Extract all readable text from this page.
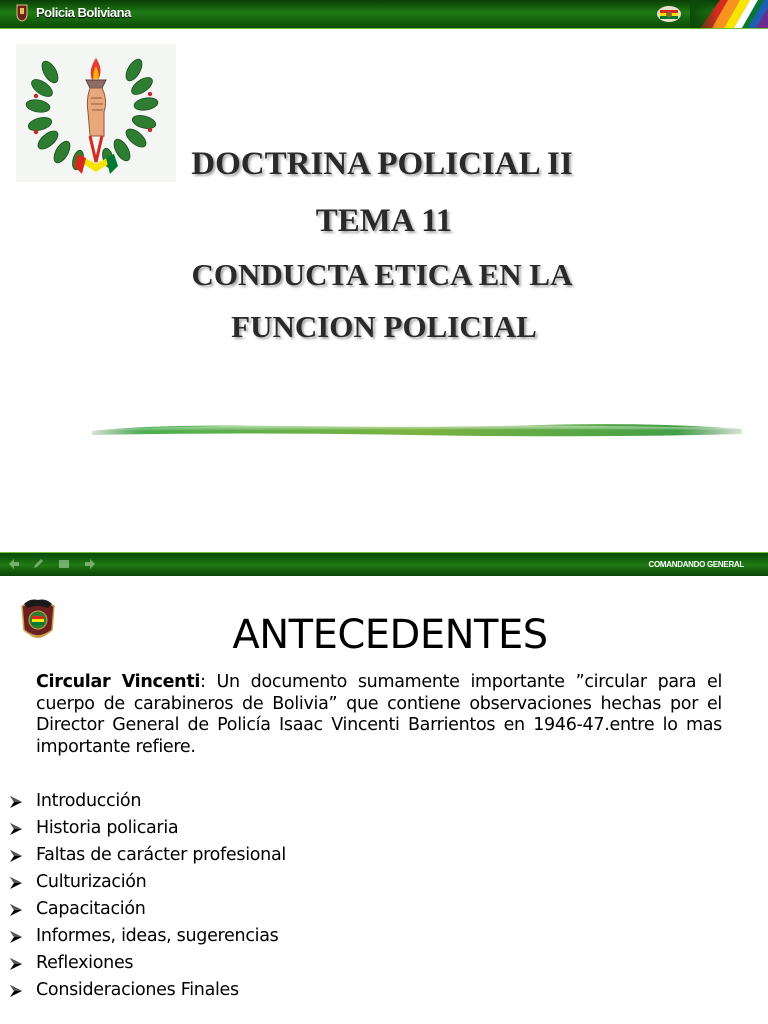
Policia Boliviana
DOCTRINA POLICIAL II
TEMA 11
CONDUCTA ETICA EN LA
FUNCION POLICIAL
COMANDANDO GENERAL
ANTECEDENTES
Circular Vincenti: Un documento sumamente importante ”circular para el cuerpo de carabineros de Bolivia” que contiene observaciones hechas por el Director General de Policía Isaac Vincenti Barrientos en 1946-47.entre lo mas importante refiere.
Introducción
Historia policaria
Faltas de carácter profesional
Culturización
Capacitación
Informes, ideas, sugerencias
Reflexiones
Consideraciones Finales
